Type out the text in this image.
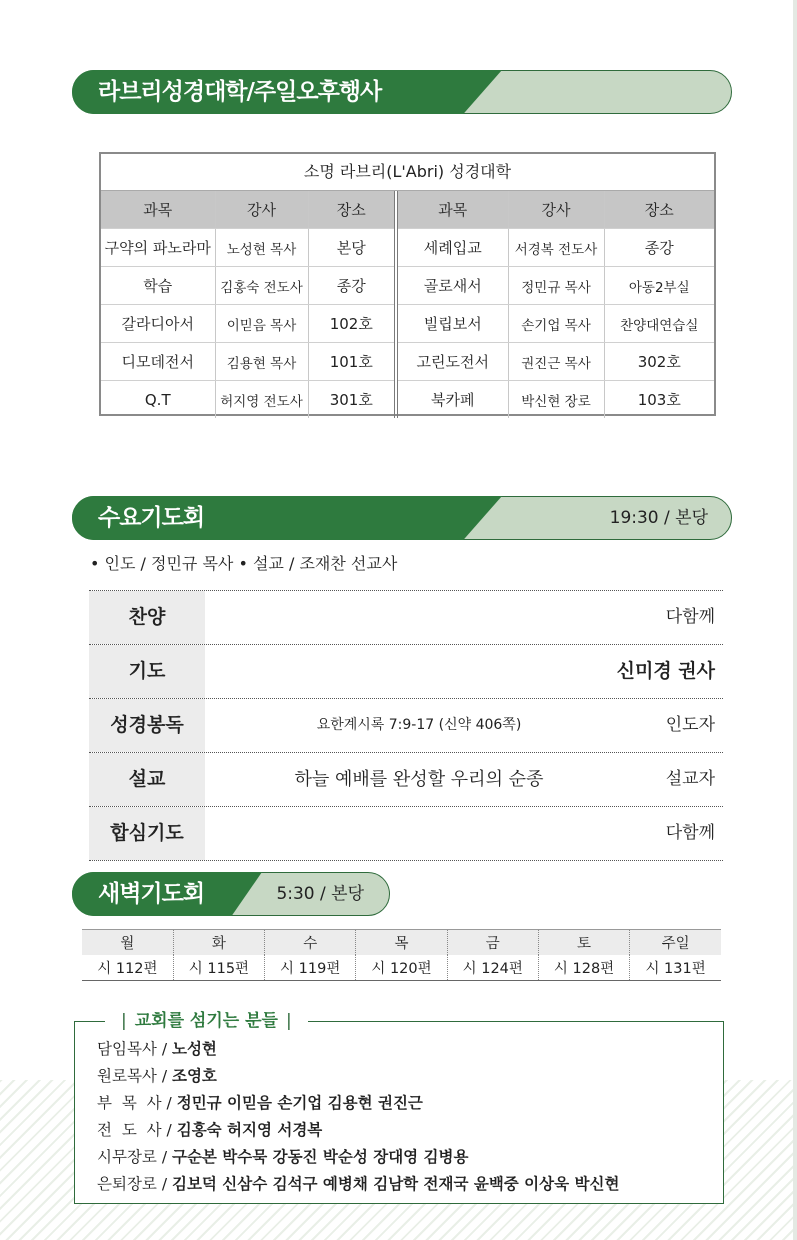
라브리성경대학/주일오후행사
소명 라브리(L'Abri) 성경대학
과목	강사	장소	과목	강사	장소
구약의 파노라마	노성현 목사	본당	세례입교	서경복 전도사	종강
학습	김홍숙 전도사	종강	골로새서	정민규 목사	아동2부실
갈라디아서	이믿음 목사	102호	빌립보서	손기업 목사	찬양대연습실
디모데전서	김용현 목사	101호	고린도전서	권진근 목사	302호
Q.T	허지영 전도사	301호	북카페	박신현 장로	103호
수요기도회	19:30 / 본당
• 인도 / 정민규 목사 • 설교 / 조재찬 선교사
찬양	다함께
기도	신미경 권사
성경봉독	요한계시록 7:9-17 (신약 406쪽)	인도자
설교	하늘 예배를 완성할 우리의 순종	설교자
합심기도	다함께
새벽기도회	5:30 / 본당
월	화	수	목	금	토	주일
시 112편	시 115편	시 119편	시 120편	시 124편	시 128편	시 131편
| 교회를 섬기는 분들 |
담임목사 / 노성현
원로목사 / 조영호
부  목  사 / 정민규 이믿음 손기업 김용현 권진근
전  도  사 / 김홍숙 허지영 서경복
시무장로 / 구순본 박수묵 강동진 박순성 장대영 김병용
은퇴장로 / 김보덕 신삼수 김석구 예병채 김남학 전재국 윤백중 이상욱 박신현
